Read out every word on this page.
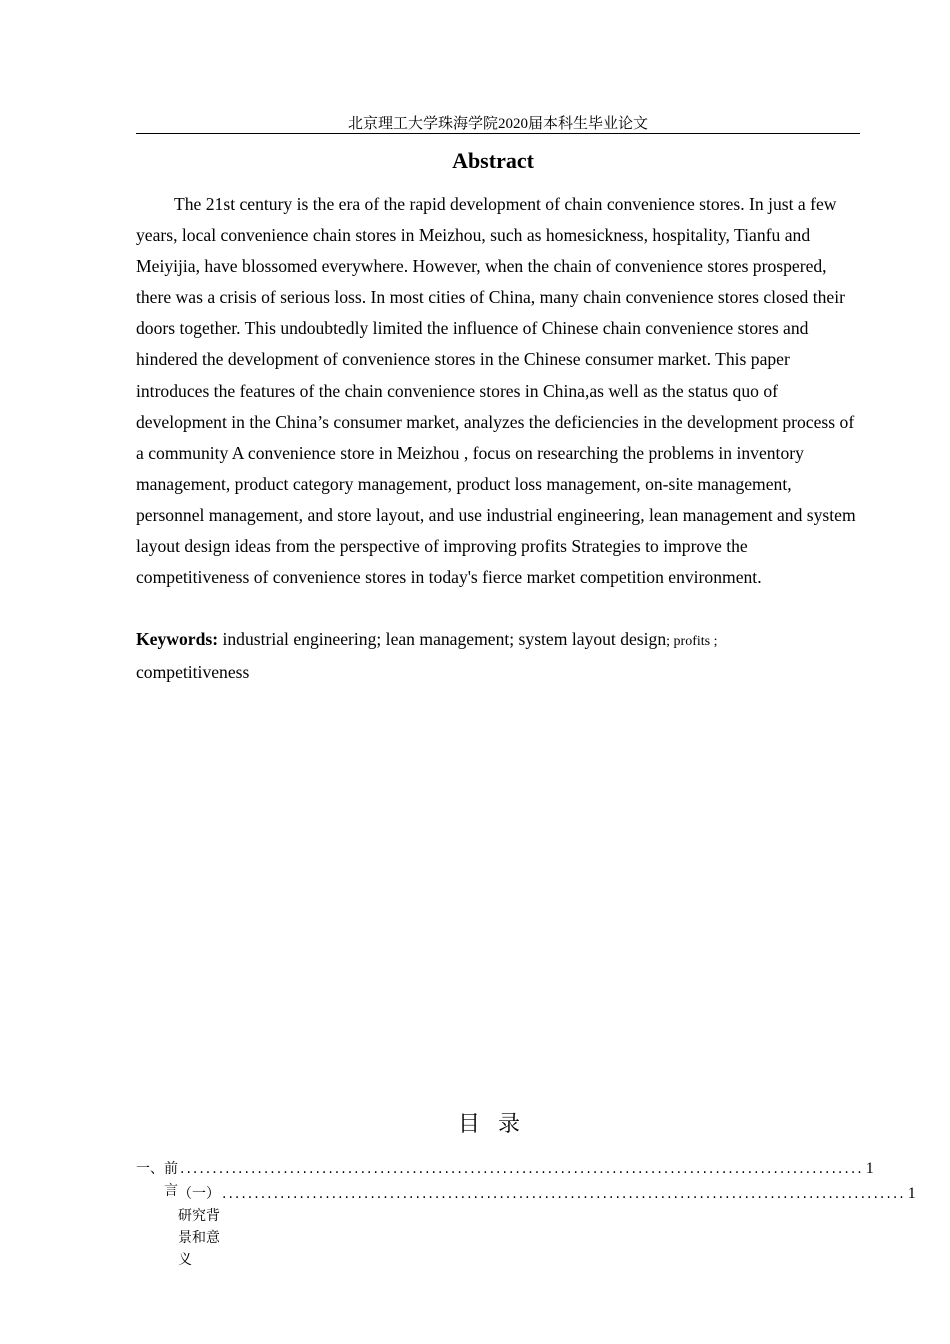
北京理工大学珠海学院2020届本科生毕业论文
Abstract

The 21st century is the era of the rapid development of chain convenience stores. In just a few years, local convenience chain stores in Meizhou, such as homesickness, hospitality, Tianfu and Meiyijia, have blossomed everywhere. However, when the chain of convenience stores prospered, there was a crisis of serious loss. In most cities of China, many chain convenience stores closed their doors together. This undoubtedly limited the influence of Chinese chain convenience stores and hindered the development of convenience stores in the Chinese consumer market. This paper introduces the features of the chain convenience stores in China,as well as the status quo of development in the China’s consumer market, analyzes the deficiencies in the development process of a community A convenience store in Meizhou , focus on researching the problems in inventory management, product category management, product loss management, on-site management, personnel management, and store layout, and use industrial engineering, lean management and system layout design ideas from the perspective of improving profits Strategies to improve the competitiveness of convenience stores in today's fierce market competition environment.

Keywords: industrial engineering; lean management; system layout design; profits ;
competitiveness

目录
一、 前言
.......................................................................................................... 1
（一）研究背景和意义
.......................................................................................................... 1
